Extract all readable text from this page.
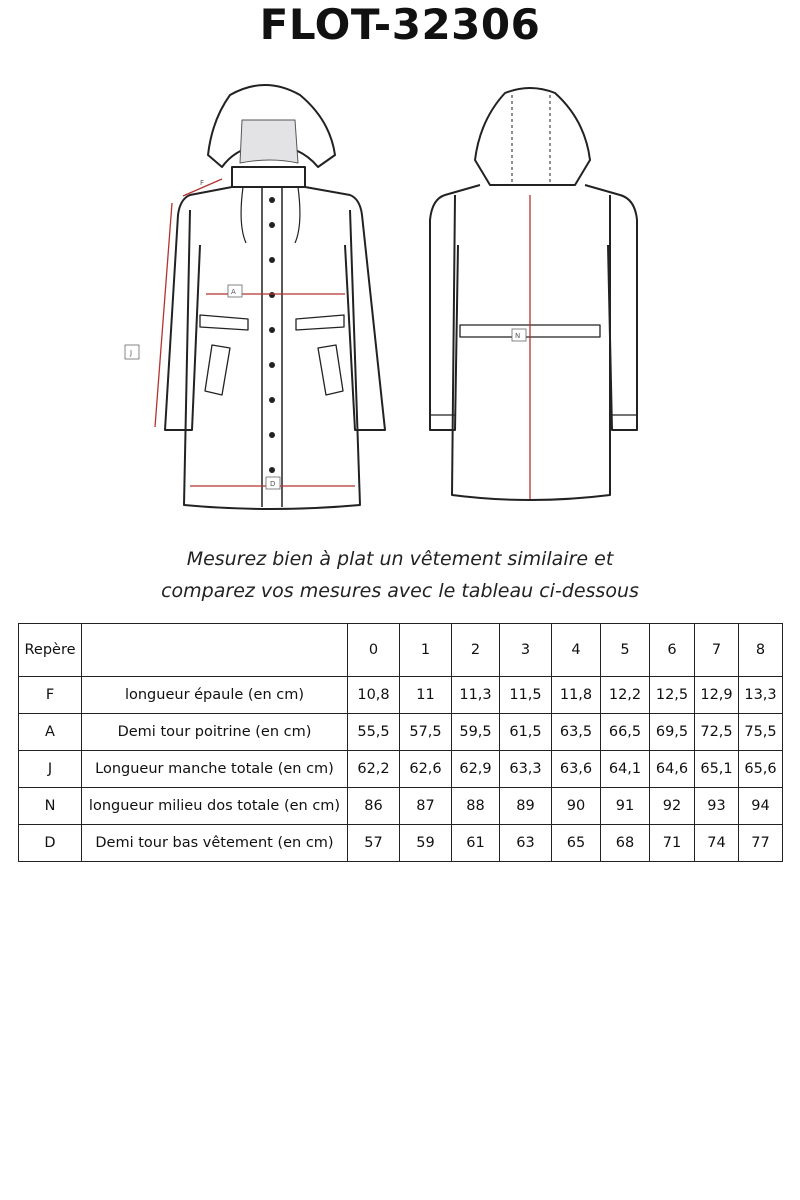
FLOT-32306
A
J
D
F
N
Mesurez bien à plat un vêtement similaire et
comparez vos mesures avec le tableau ci-dessous
Repère		0	1	2	3	4	5	6	7	8
F	longueur épaule (en cm)	10,8	11	11,3	11,5	11,8	12,2	12,5	12,9	13,3
A	Demi tour poitrine (en cm)	55,5	57,5	59,5	61,5	63,5	66,5	69,5	72,5	75,5
J	Longueur manche totale (en cm)	62,2	62,6	62,9	63,3	63,6	64,1	64,6	65,1	65,6
N	longueur milieu dos totale (en cm)	86	87	88	89	90	91	92	93	94
D	Demi tour bas vêtement (en cm)	57	59	61	63	65	68	71	74	77
